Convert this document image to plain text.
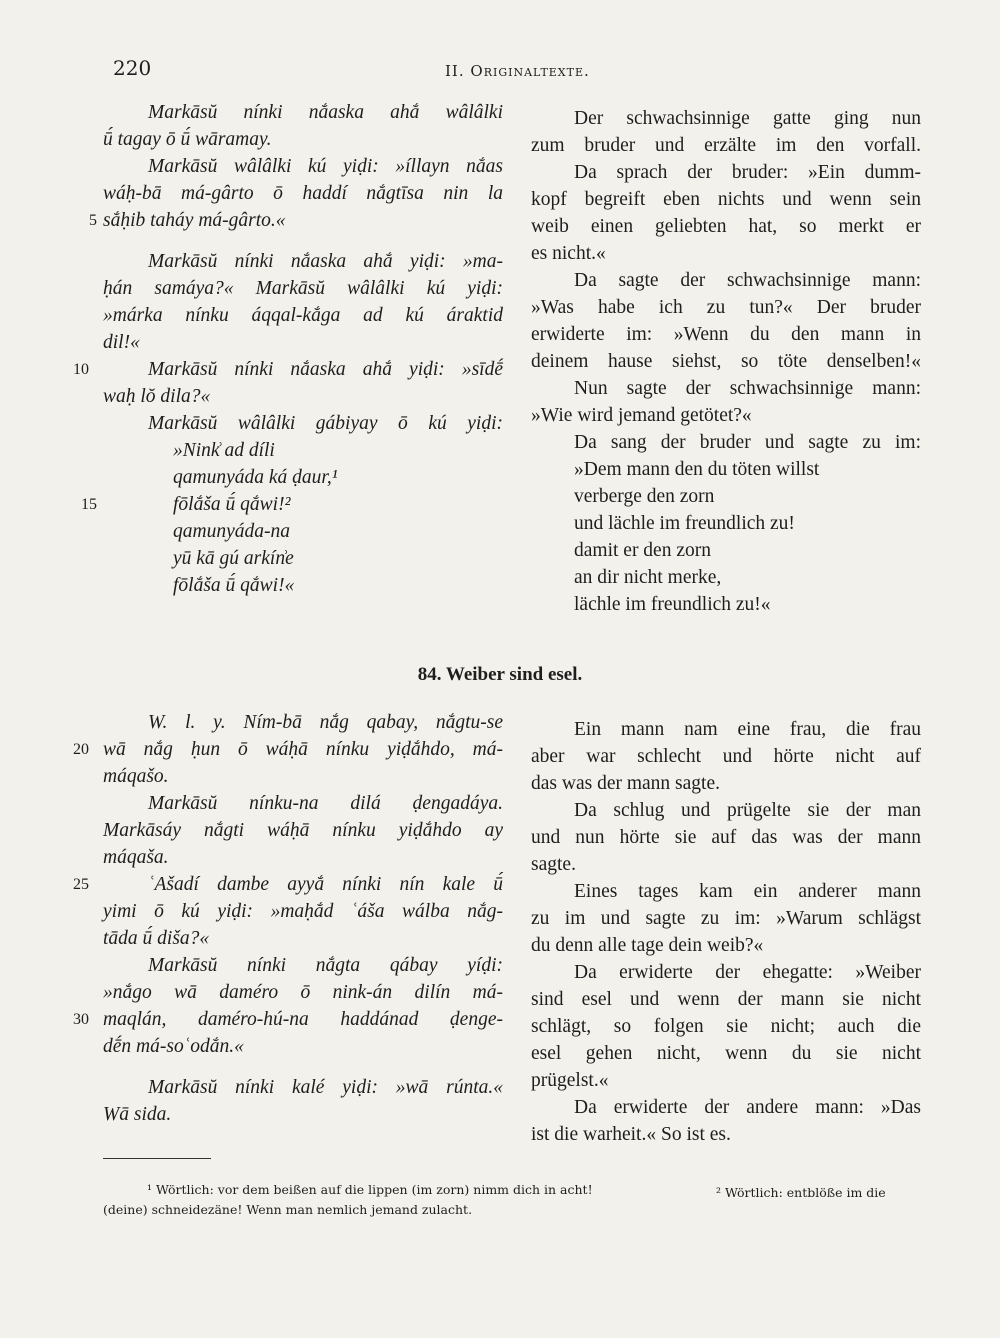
220	II. Originaltexte.
Markāsŭ nínki nắaska ahắ wâlâlki
ū́ tagay ō ū́ wāramay.
Markāsŭ wâlâlki kú yiḍi: »íllayn nắas
wáḥ-bā má-gârto ō haddí nắgtīsa nin la
sắḥib taháy má-gârto.«
5
Markāsŭ nínki nắaska ahắ yiḍi: »ma-
ḥán samáya?« Markāsŭ wâlâlki kú yiḍi:
»márka nínku áqqal-kắga ad kú áraktid
dil!«
Markāsŭ nínki nắaska ahắ yiḍi: »sīdḗ
10
waḥ lŏ dila?«
Markāsŭ wâlâlki gábiyay ō kú yiḍi:
»Nink͗ ad díli
qamunyáda ká ḍaur,¹
fōlắša ū́ qắwi!²
15
qamunyáda-na
yū kā gú arkín͗e
fōlắša ū́ qắwi!«
Der schwachsinnige gatte ging nun
zum bruder und erzälte im den vorfall.
Da sprach der bruder: »Ein dumm-
kopf begreift eben nichts und wenn sein
weib einen geliebten hat, so merkt er
es nicht.«
Da sagte der schwachsinnige mann:
»Was habe ich zu tun?« Der bruder
erwiderte im: »Wenn du den mann in
deinem hause siehst, so töte denselben!«
Nun sagte der schwachsinnige mann:
»Wie wird jemand getötet?«
Da sang der bruder und sagte zu im:
»Dem mann den du töten willst
verberge den zorn
und lächle im freundlich zu!
damit er den zorn
an dir nicht merke,
lächle im freundlich zu!«
84. Weiber sind esel.
W. l. y. Ním-bā nắg qabay, nắgtu-se
wā nắg ḥun ō wáḥā nínku yiḍắhdo, má-
20
máqašo.
Markāsŭ nínku-na dilá ḍengadáya.
Markāsáy nắgti wáḥā nínku yiḍắhdo ay
máqaša.
ʿAšadí dambe ayyắ nínki nín kale ū́
25
yimi ō kú yiḍi: »maḥắd ʿáša wálba nắg-
tāda ū́ diša?«
Markāsŭ nínki nắgta qábay yíḍi:
»nắgo wā daméro ō nink-án dilín má-
maqlán, daméro-hú-na haddánad ḍenge-
30
dḗn má-soʿodắn.«
Markāsŭ nínki kalé yiḍi: »wā rúnta.«
Wā sida.
Ein mann nam eine frau, die frau
aber war schlecht und hörte nicht auf
das was der mann sagte.
Da schlug und prügelte sie der man
und nun hörte sie auf das was der mann
sagte.
Eines tages kam ein anderer mann
zu im und sagte zu im: »Warum schlägst
du denn alle tage dein weib?«
Da erwiderte der ehegatte: »Weiber
sind esel und wenn der mann sie nicht
schlägt, so folgen sie nicht; auch die
esel gehen nicht, wenn du sie nicht
prügelst.«
Da erwiderte der andere mann: »Das
ist die warheit.« So ist es.
¹ Wörtlich: vor dem beißen auf die lippen (im zorn) nimm dich in acht!
(deine) schneidezäne! Wenn man nemlich jemand zulacht.
² Wörtlich: entblöße im die
